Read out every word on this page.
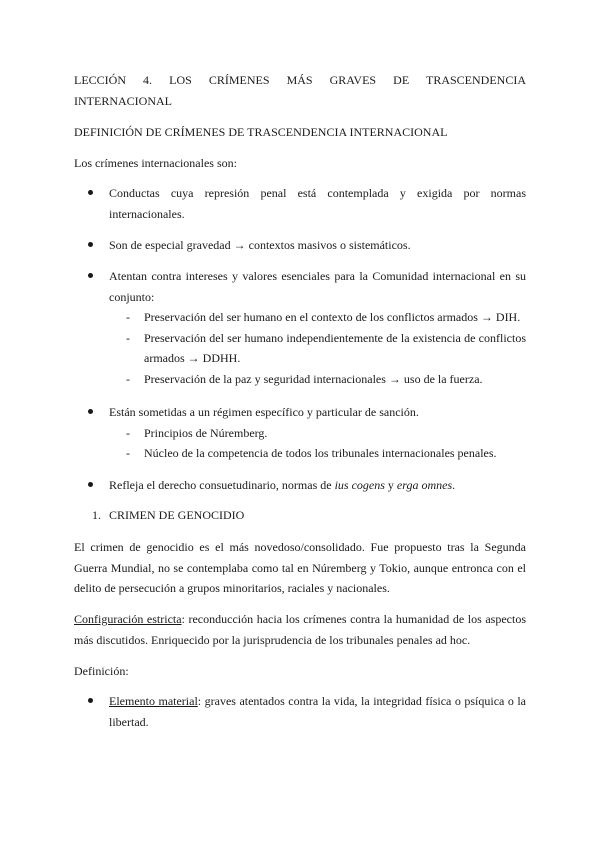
LECCIÓN 4. LOS CRÍMENES MÁS GRAVES DE TRASCENDENCIA INTERNACIONAL
DEFINICIÓN DE CRÍMENES DE TRASCENDENCIA INTERNACIONAL
Los crímenes internacionales son:
Conductas cuya represión penal está contemplada y exigida por normas internacionales.
Son de especial gravedad → contextos masivos o sistemáticos.
Atentan contra intereses y valores esenciales para la Comunidad internacional en su conjunto:
- Preservación del ser humano en el contexto de los conflictos armados → DIH.
- Preservación del ser humano independientemente de la existencia de conflictos armados → DDHH.
- Preservación de la paz y seguridad internacionales → uso de la fuerza.
Están sometidas a un régimen específico y particular de sanción.
- Principios de Núremberg.
- Núcleo de la competencia de todos los tribunales internacionales penales.
Refleja el derecho consuetudinario, normas de ius cogens y erga omnes.
1. CRIMEN DE GENOCIDIO
El crimen de genocidio es el más novedoso/consolidado. Fue propuesto tras la Segunda Guerra Mundial, no se contemplaba como tal en Núremberg y Tokio, aunque entronca con el delito de persecución a grupos minoritarios, raciales y nacionales.
Configuración estricta: reconducción hacia los crímenes contra la humanidad de los aspectos más discutidos. Enriquecido por la jurisprudencia de los tribunales penales ad hoc.
Definición:
Elemento material: graves atentados contra la vida, la integridad física o psíquica o la libertad.
